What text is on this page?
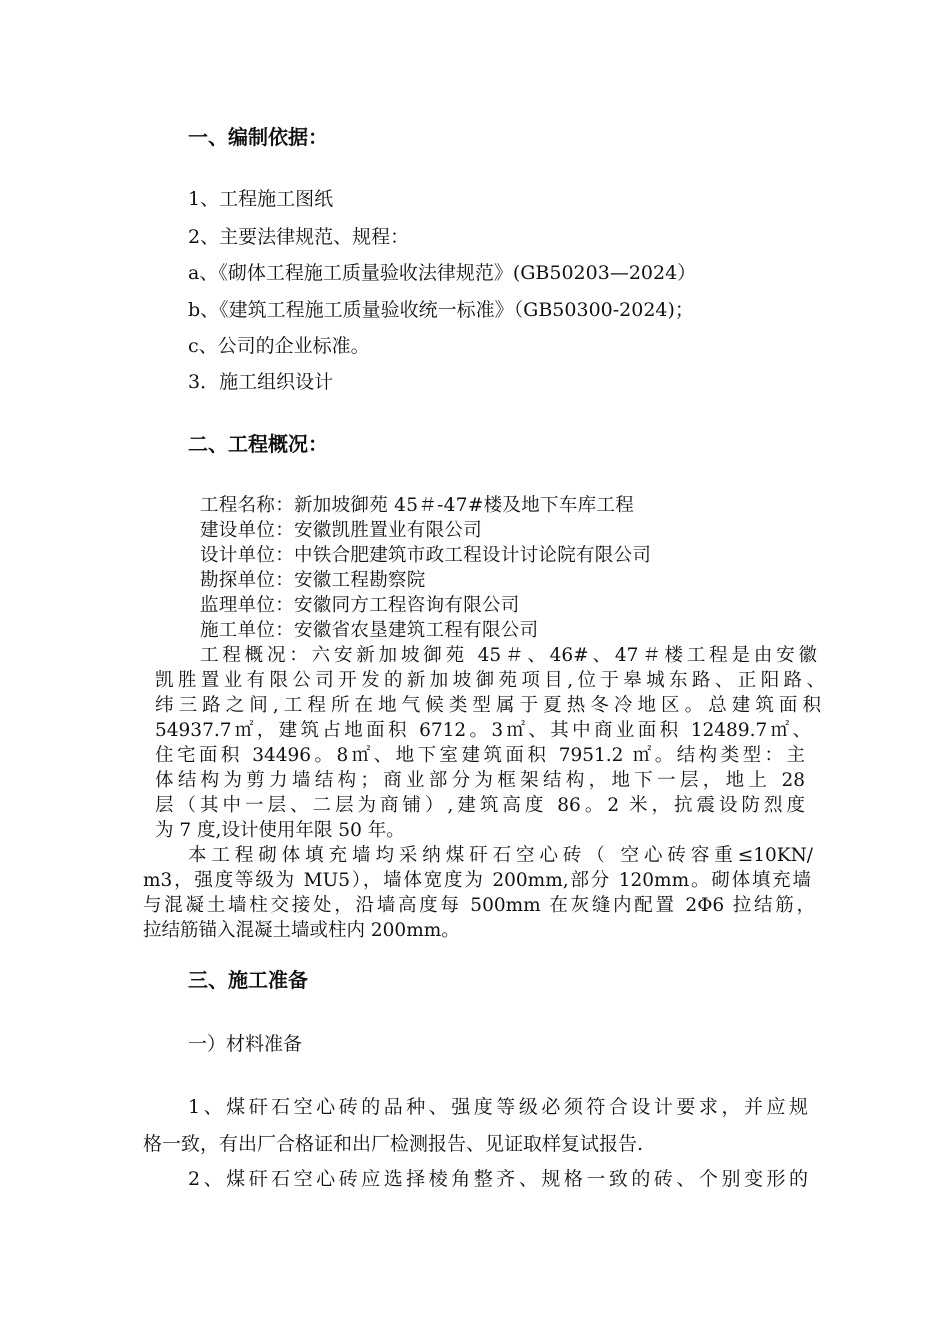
一、编制依据：
1、工程施工图纸
2、主要法律规范、规程：
a、《砌体工程施工质量验收法律规范》(GB50203—2024）
b、《建筑工程施工质量验收统一标准》（GB50300-2024)；
c、公司的企业标准。
3．施工组织设计
二、工程概况：
工程名称：新加坡御苑 45＃-47#楼及地下车库工程
建设单位：安徽凯胜置业有限公司
设计单位：中铁合肥建筑市政工程设计讨论院有限公司
勘探单位：安徽工程勘察院
监理单位：安徽同方工程咨询有限公司
施工单位：安徽省农垦建筑工程有限公司
工程概况：六安新加坡御苑 45＃、46#、47＃楼工程是由安徽
凯胜置业有限公司开发的新加坡御苑项目,位于皋城东路、正阳路、
纬三路之间,工程所在地气候类型属于夏热冬冷地区。总建筑面积
54937.7㎡，建筑占地面积 6712。3㎡、其中商业面积 12489.7㎡、
住宅面积 34496。8㎡、地下室建筑面积 7951.2 ㎡。结构类型：主
体结构为剪力墙结构；商业部分为框架结构，地下一层，地上 28
层（其中一层、二层为商铺）,建筑高度 86。2 米，抗震设防烈度
为 7 度,设计使用年限 50 年。
本工程砌体填充墙均采纳煤矸石空心砖（ 空心砖容重≤10KN/
m3，强度等级为 MU5），墙体宽度为 200mm,部分 120mm。砌体填充墙
与混凝土墙柱交接处，沿墙高度每 500mm 在灰缝内配置 2Φ6 拉结筋，
拉结筋锚入混凝土墙或柱内 200mm。
三、施工准备
一）材料准备
1、煤矸石空心砖的品种、强度等级必须符合设计要求，并应规
格一致，有出厂合格证和出厂检测报告、见证取样复试报告.
2、煤矸石空心砖应选择棱角整齐、规格一致的砖、个别变形的
